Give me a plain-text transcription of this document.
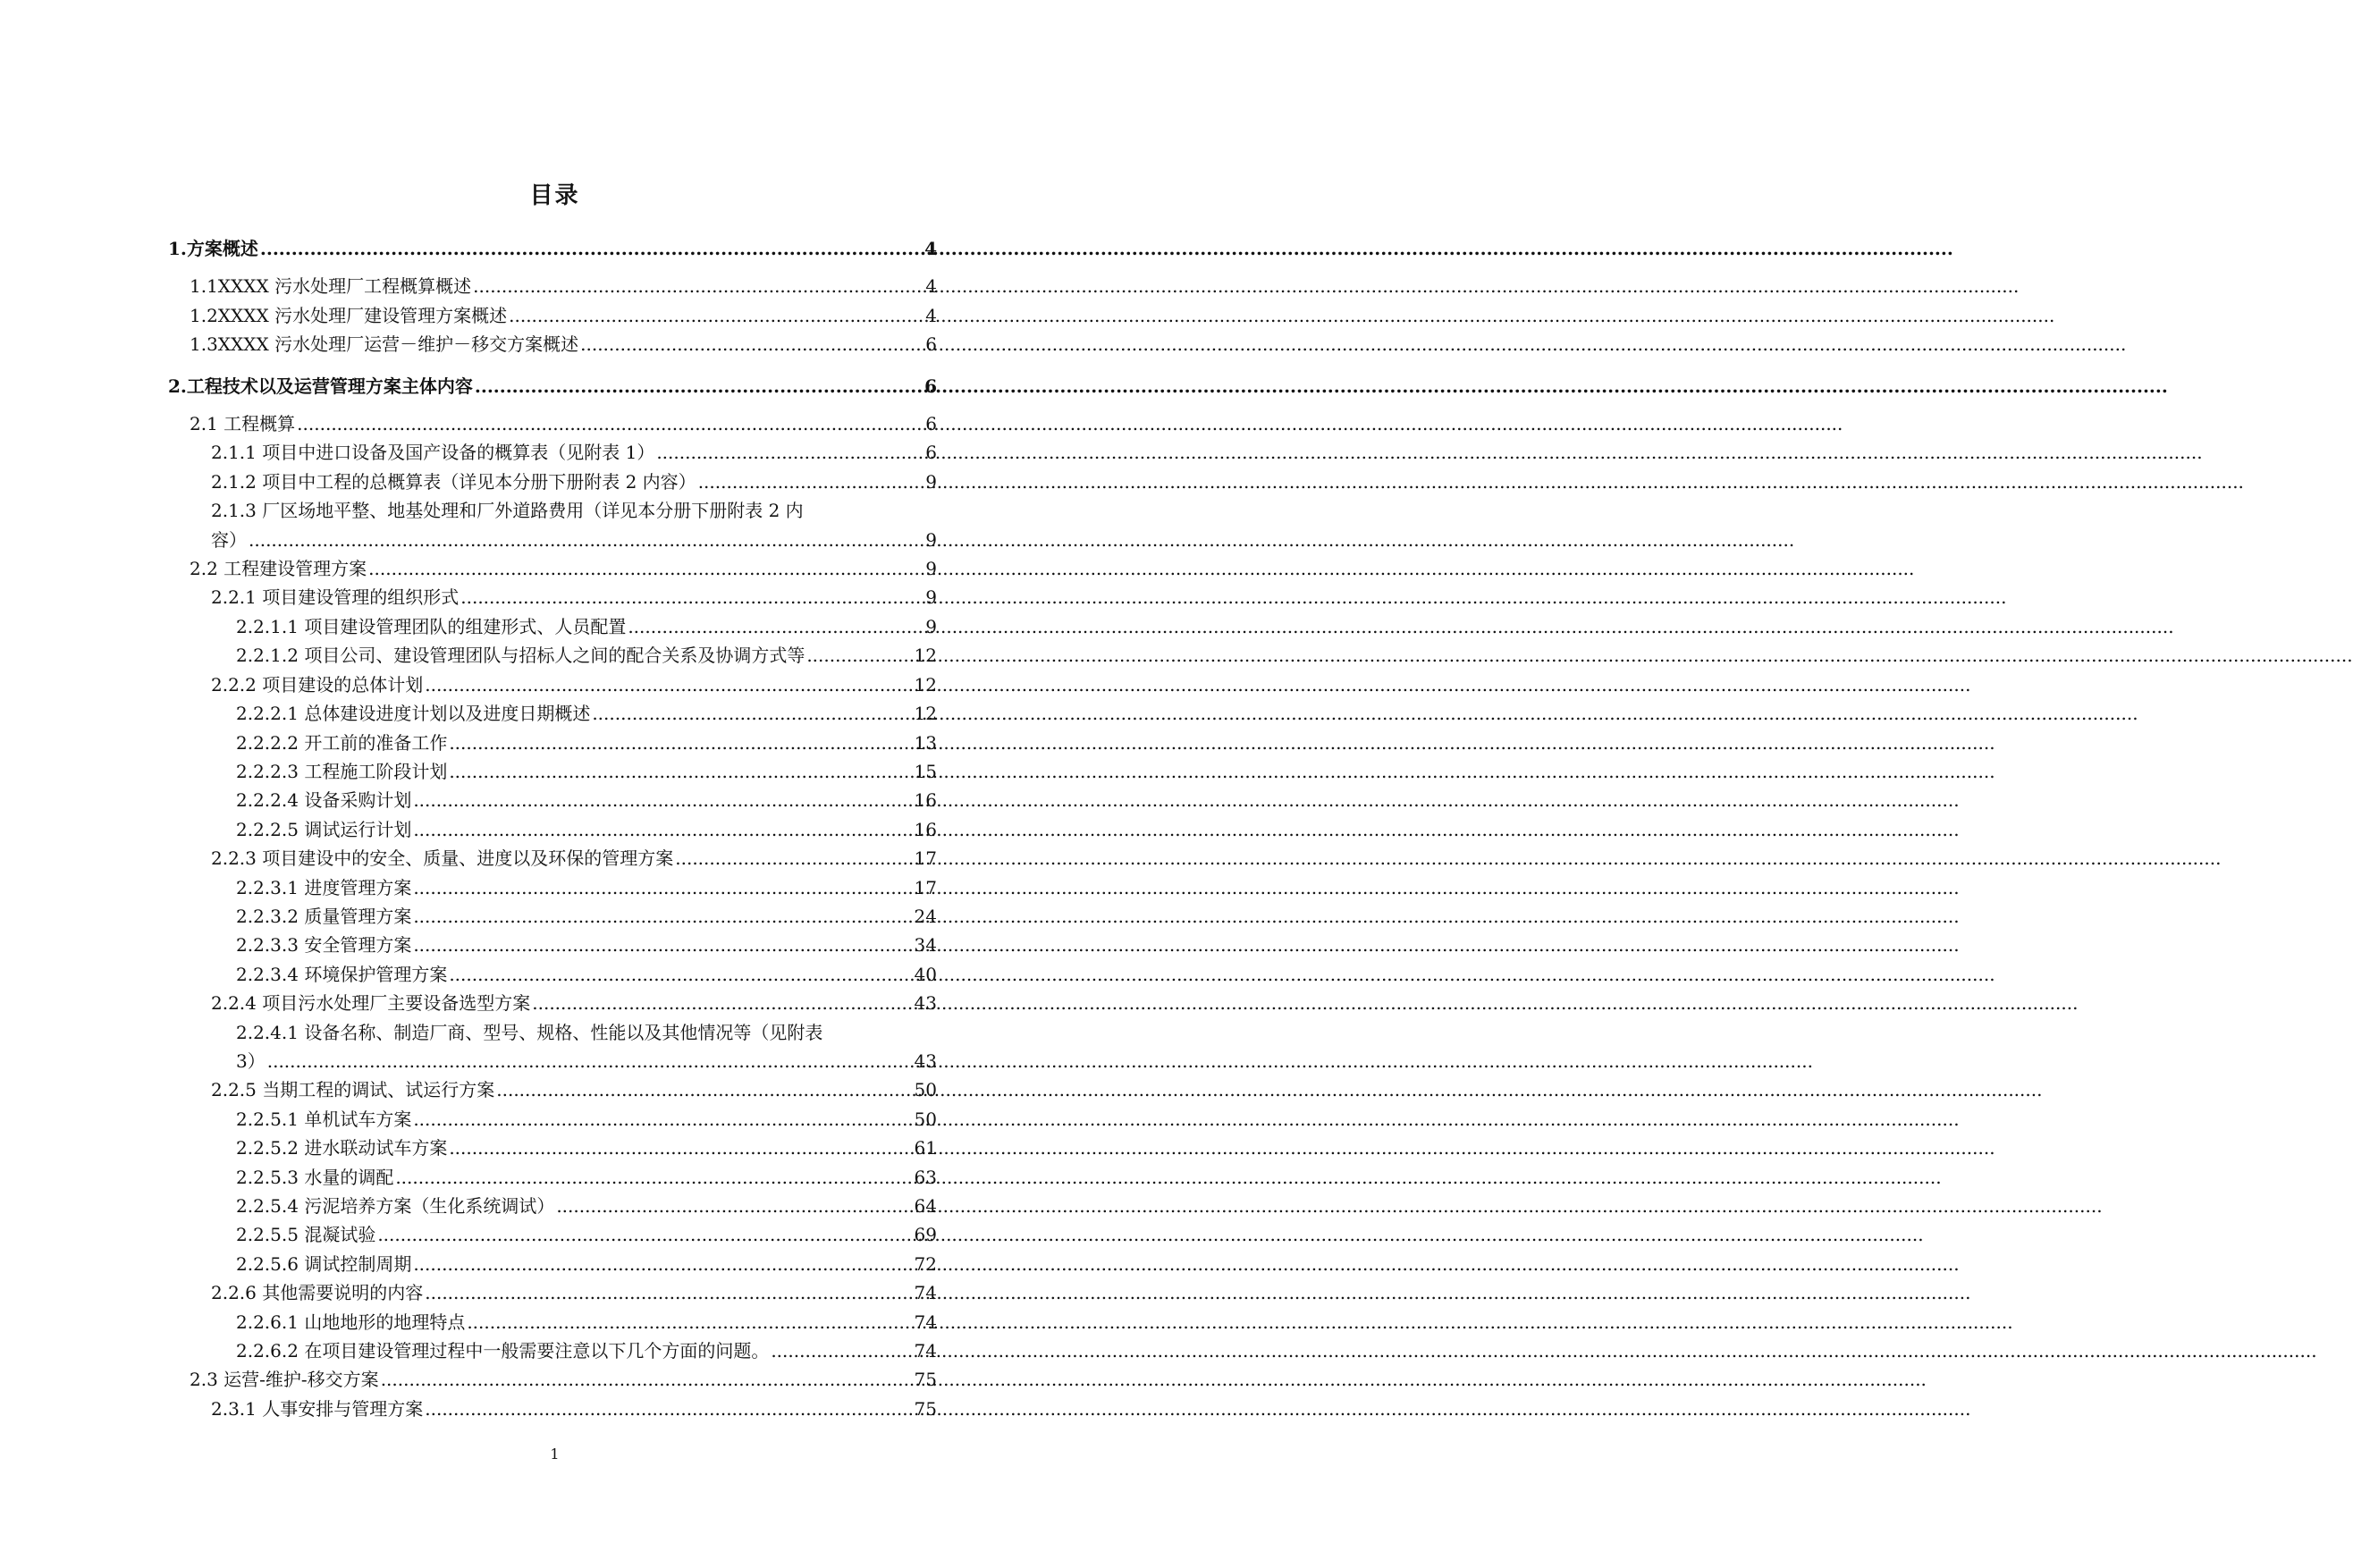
目录
1.方案概述 .....	4
1.1XXXX 污水处理厂工程概算概述 .....	4
1.2XXXX 污水处理厂建设管理方案概述 .....	4
1.3XXXX 污水处理厂运营－维护－移交方案概述 .....	6
2.工程技术以及运营管理方案主体内容 .....	6
2.1 工程概算 .....	6
2.1.1 项目中进口设备及国产设备的概算表（见附表 1） .....	6
2.1.2 项目中工程的总概算表（详见本分册下册附表 2 内容） .....	9
2.1.3 厂区场地平整、地基处理和厂外道路费用（详见本分册下册附表 2 内
容） .....	9
2.2 工程建设管理方案 .....	9
2.2.1 项目建设管理的组织形式 .....	9
2.2.1.1 项目建设管理团队的组建形式、人员配置 .....	9
2.2.1.2 项目公司、建设管理团队与招标人之间的配合关系及协调方式等 .....	12
2.2.2 项目建设的总体计划 .....	12
2.2.2.1 总体建设进度计划以及进度日期概述 .....	12
2.2.2.2 开工前的准备工作 .....	13
2.2.2.3 工程施工阶段计划 .....	15
2.2.2.4 设备采购计划 .....	16
2.2.2.5 调试运行计划 .....	16
2.2.3 项目建设中的安全、质量、进度以及环保的管理方案 .....	17
2.2.3.1 进度管理方案 .....	17
2.2.3.2 质量管理方案 .....	24
2.2.3.3 安全管理方案 .....	34
2.2.3.4 环境保护管理方案 .....	40
2.2.4 项目污水处理厂主要设备选型方案 .....	43
2.2.4.1 设备名称、制造厂商、型号、规格、性能以及其他情况等（见附表
3） .....	43
2.2.5 当期工程的调试、试运行方案 .....	50
2.2.5.1 单机试车方案 .....	50
2.2.5.2 进水联动试车方案 .....	61
2.2.5.3 水量的调配 .....	63
2.2.5.4 污泥培养方案（生化系统调试） .....	64
2.2.5.5 混凝试验 .....	69
2.2.5.6 调试控制周期 .....	72
2.2.6 其他需要说明的内容 .....	74
2.2.6.1 山地地形的地理特点 .....	74
2.2.6.2 在项目建设管理过程中一般需要注意以下几个方面的问题。 .....	74
2.3 运营-维护-移交方案 .....	75
2.3.1 人事安排与管理方案 .....	75
1
